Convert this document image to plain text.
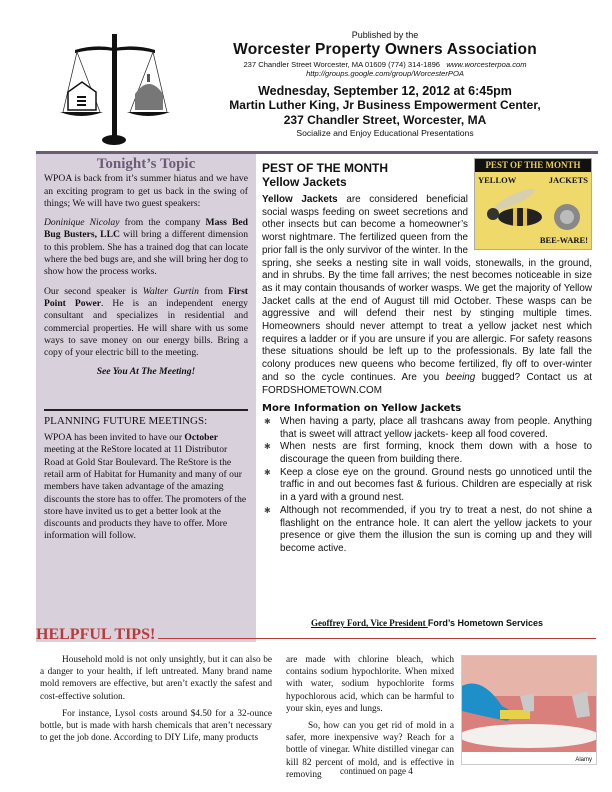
Published by the
Worcester Property Owners Association
237 Chandler Street Worcester, MA 01609 (774) 314-1896 www.worcesterpoa.com
http://groups.google.com/group/WorcesterPOA
Wednesday, September 12, 2012 at 6:45pm
Martin Luther King, Jr Business Empowerment Center,
237 Chandler Street, Worcester, MA
Socialize and Enjoy Educational Presentations
Tonight’s Topic

WPOA is back from it’s summer hiatus and we have an exciting program to get us back in the swing of things; We will have two guest speakers:

Doninique Nicolay from the company Mass Bed Bug Busters, LLC will bring a different dimension to this problem. She has a trained dog that can locate where the bed bugs are, and she will bring her dog to show how the process works.

Our second speaker is Walter Gurtin from First Point Power. He is an independent energy consultant and specializes in residential and commercial properties. He will share with us some ways to save money on our energy bills. Bring a copy of your electric bill to the meeting.

See You At The Meeting!

PLANNING FUTURE MEETINGS:

WPOA has been invited to have our October meeting at the ReStore located at 11 Distributor Road at Gold Star Boulevard. The ReStore is the retail arm of Habitat for Humanity and many of our members have taken advantage of the amazing discounts the store has to offer. The promoters of the store have invited us to get a better look at the discounts and products they have to offer. More information will follow.

PEST OF THE MONTH
Yellow Jackets
PEST OF THE MONTH
YELLOW	JACKETS
BEE-WARE!

Yellow Jackets are considered beneficial social wasps feeding on sweet secretions and other insects but can become a homeowner’s worst nightmare. The fertilized queen from the prior fall is the only survivor of the winter. In the spring, she seeks a nesting site in wall voids, stonewalls, in the ground, and in shrubs. By the time fall arrives; the nest becomes noticeable in size as it may contain thousands of worker wasps. We get the majority of Yellow Jacket calls at the end of August till mid October. These wasps can be aggressive and will defend their nest by stinging multiple times. Homeowners should never attempt to treat a yellow jacket nest which requires a ladder or if you are unsure if you are allergic. For safety reasons these situations should be left up to the professionals. By late fall the colony produces new queens who become fertilized, fly off to over-winter and so the cycle continues. Are you beeing bugged? Contact us at FORDSHOMETOWN.COM

More Information on Yellow Jackets
✱ When having a party, place all trashcans away from people. Anything that is sweet will attract yellow jackets- keep all food covered.
✱ When nests are first forming, knock them down with a hose to discourage the queen from building there.
✱ Keep a close eye on the ground. Ground nests go unnoticed until the traffic in and out becomes fast & furious. Children are especially at risk in a yard with a ground nest.
✱ Although not recommended, if you try to treat a nest, do not shine a flashlight on the entrance hole. It can alert the yellow jackets to your presence or give them the illusion the sun is coming up and they will become active.
Geoffrey Ford, Vice President Ford’s Hometown Services
HELPFUL TIPS!

Household mold is not only unsightly, but it can also be a danger to your health, if left untreated. Many brand name mold removers are effective, but aren’t exactly the safest and cost-effective solution.

For instance, Lysol costs around $4.50 for a 32-ounce bottle, but is made with harsh chemicals that aren’t necessary to get the job done. According to DIY Life, many products

are made with chlorine bleach, which contains sodium hypochlorite. When mixed with water, sodium hypochlorite forms hypochlorous acid, which can be harmful to your skin, eyes and lungs.

So, how can you get rid of mold in a safer, more inexpensive way? Reach for a bottle of vinegar. White distilled vinegar can kill 82 percent of mold, and is effective in removing	continued on page 4
Alamy
